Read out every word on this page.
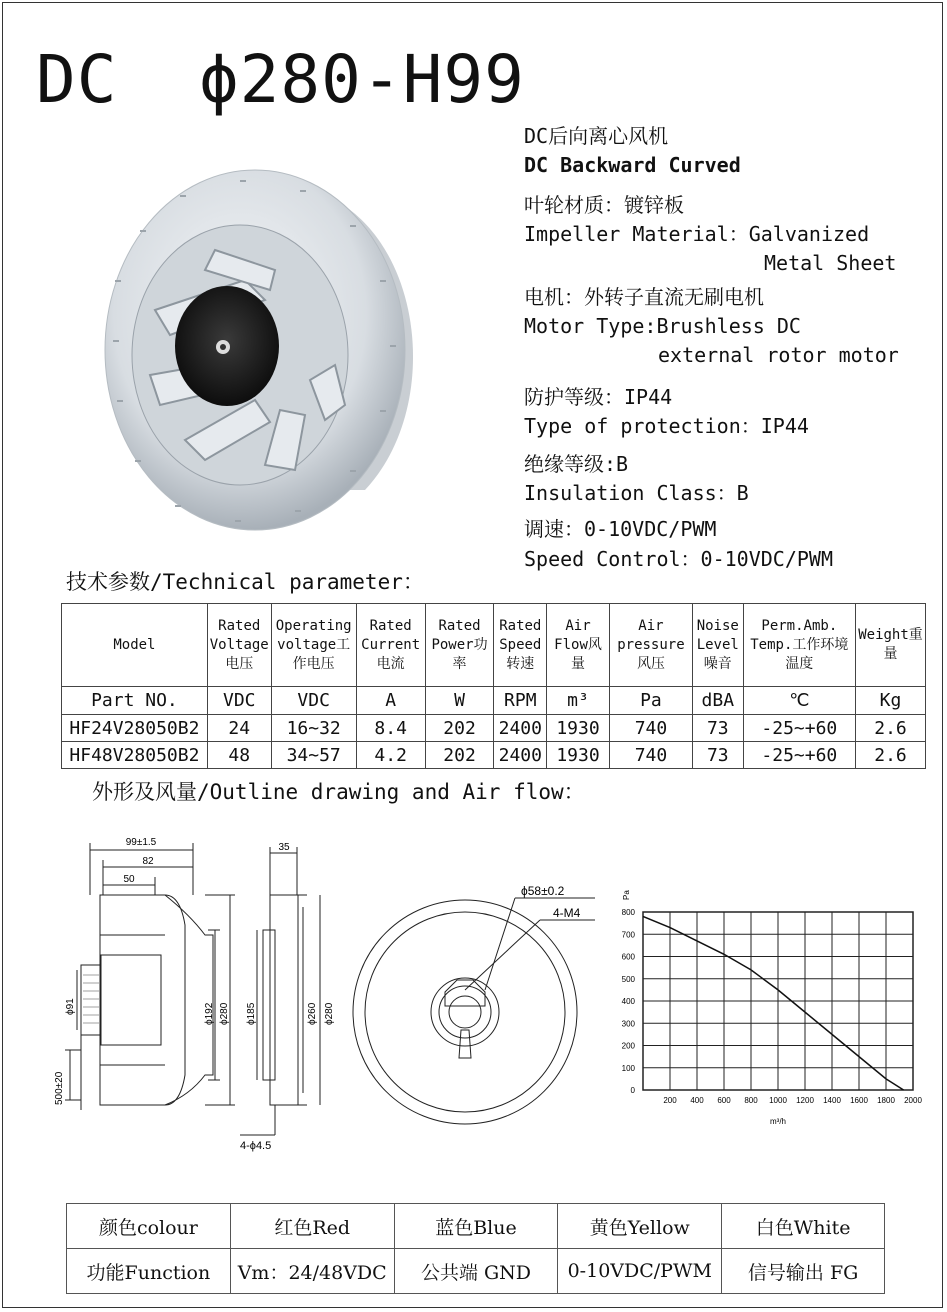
DC  ϕ280-H99
DC后向离心风机
DC Backward Curved
叶轮材质：镀锌板
Impeller Material：Galvanized
Metal Sheet
电机：外转子直流无刷电机
Motor Type:Brushless DC
external rotor motor
防护等级：IP44
Type of protection：IP44
绝缘等级:B
Insulation Class：B
调速：0-10VDC/PWM
Speed Control：0-10VDC/PWM
技术参数/Technical parameter：
Model	Rated Voltage电压	Operating voltage工作电压	Rated Current电流	Rated Power功率	Rated Speed转速	Air Flow风量	Air pressure风压	Noise Level噪音	Perm.Amb. Temp.工作环境温度	Weight重量
Part NO.	VDC	VDC	A	W	RPM	m³	Pa	dBA	℃	Kg
HF24V28050B2	24	16~32	8.4	202	2400	1930	740	73	-25~+60	2.6
HF48V28050B2	48	34~57	4.2	202	2400	1930	740	73	-25~+60	2.6
外形及风量/Outline drawing and Air flow：
99±1.5
82
50
ϕ91	ϕ192 ϕ280
500±20
35
ϕ185	ϕ260 ϕ280
4-ϕ4.5
ϕ58±0.2
4-M4
200 400 600 800 1000 1200 1400 1600 1800 2000
0
100
200
300
400
500
600
700
800
Pa
m³/h
颜色colour	红色Red	蓝色Blue	黄色Yellow	白色White
功能Function	Vm：24/48VDC	公共端 GND	0-10VDC/PWM	信号输出 FG
